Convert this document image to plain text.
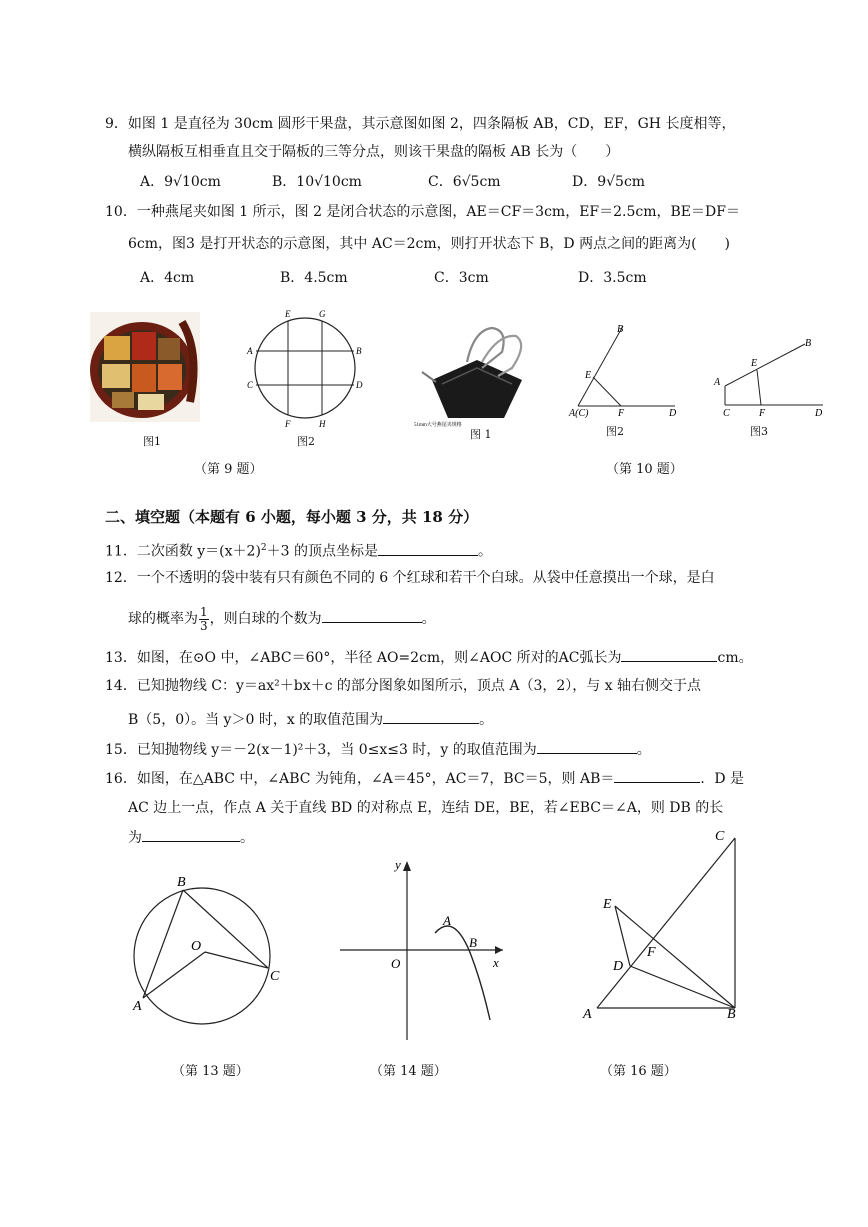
9．如图 1 是直径为 30cm 圆形干果盘，其示意图如图 2，四条隔板 AB，CD，EF，GH 长度相等，
横纵隔板互相垂直且交于隔板的三等分点，则该干果盘的隔板 AB 长为（　　）
A．9√10cm	B．10√10cm	C．6√5cm	D．9√5cm
10．一种燕尾夹如图 1 所示，图 2 是闭合状态的示意图，AE＝CF＝3cm，EF＝2.5cm，BE＝DF＝
6cm，图3 是打开状态的示意图，其中 AC＝2cm，则打开状态下 B，D 两点之间的距离为(　　)
A．4cm	B．4.5cm	C．3cm	D．3.5cm
图1
E	G
A	B
C	D
F	H
图2
51mm大号燕尾夹规格
图 1
B
E
A(C)	F	D
图2
B
E
A
C	F	D
图3
（第 9 题）	（第 10 题）
二、填空题（本题有 6 小题，每小题 3 分，共 18 分）
11．二次函数 $y=(x+2)^2+3$ 的顶点坐标是	。
12．一个不透明的袋中装有只有颜色不同的 6 个红球和若干个白球。从袋中任意摸出一个球，是白
球的概率为 $\frac{1}{3}$ ，则白球的个数为	。
13．如图，在⊙O 中，∠ABC＝60°，半径 AO=2cm，则∠AOC 所对的AC弧长为	cm。
14．已知抛物线 C：y＝ax²＋bx＋c 的部分图象如图所示，顶点 A（3，2），与 x 轴右侧交于点
B（5，0）。当 y＞0 时，x 的取值范围为	。
15．已知抛物线 y＝－2(x－1)²＋3，当 0≤x≤3 时，y 的取值范围为	。
16．如图，在△ABC 中，∠ABC 为钝角，∠A＝45°，AC＝7，BC＝5，则 AB＝	．D 是
AC 边上一点，作点 A 关于直线 BD 的对称点 E，连结 DE，BE，若∠EBC＝∠A，则 DB 的长
为	。
B
O
A
C
（第 13 题）
y
x
O
A
B
（第 14 题）
C
E
F
D
A	B
（第 16 题）
